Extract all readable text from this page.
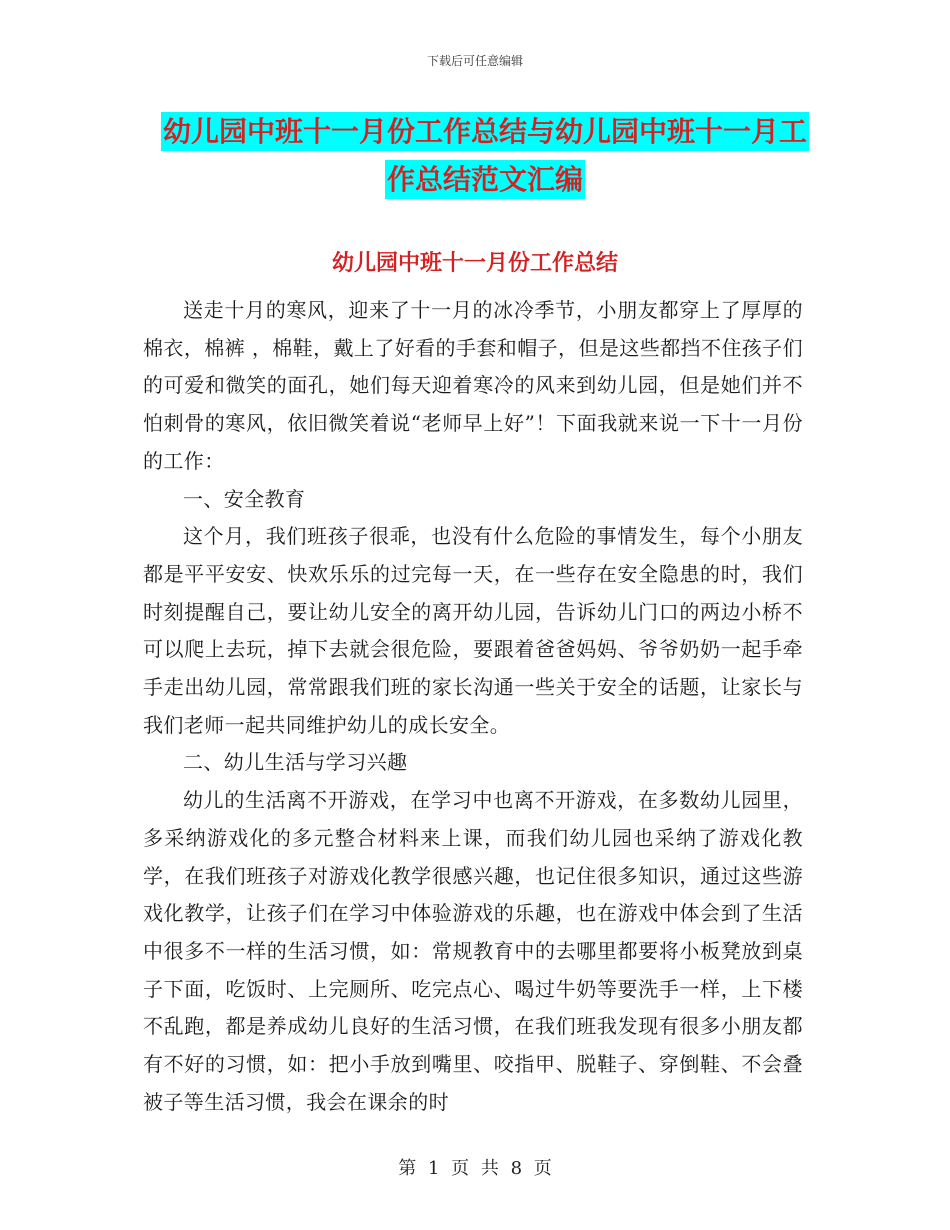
下载后可任意编辑
幼儿园中班十一月份工作总结与幼儿园中班十一月工
作总结范文汇编
幼儿园中班十一月份工作总结

送走十月的寒风，迎来了十一月的冰冷季节，小朋友都穿上了厚厚的棉衣，棉裤 ，棉鞋，戴上了好看的手套和帽子，但是这些都挡不住孩子们的可爱和微笑的面孔，她们每天迎着寒冷的风来到幼儿园，但是她们并不怕刺骨的寒风，依旧微笑着说“老师早上好”！下面我就来说一下十一月份的工作：

一、安全教育

这个月，我们班孩子很乖，也没有什么危险的事情发生，每个小朋友都是平平安安、快欢乐乐的过完每一天，在一些存在安全隐患的时，我们时刻提醒自己，要让幼儿安全的离开幼儿园，告诉幼儿门口的两边小桥不可以爬上去玩，掉下去就会很危险，要跟着爸爸妈妈、爷爷奶奶一起手牵手走出幼儿园，常常跟我们班的家长沟通一些关于安全的话题，让家长与我们老师一起共同维护幼儿的成长安全。

二、幼儿生活与学习兴趣

幼儿的生活离不开游戏，在学习中也离不开游戏，在多数幼儿园里，多采纳游戏化的多元整合材料来上课，而我们幼儿园也采纳了游戏化教学，在我们班孩子对游戏化教学很感兴趣，也记住很多知识，通过这些游戏化教学，让孩子们在学习中体验游戏的乐趣，也在游戏中体会到了生活中很多不一样的生活习惯，如：常规教育中的去哪里都要将小板凳放到桌子下面，吃饭时、上完厕所、吃完点心、喝过牛奶等要洗手一样，上下楼不乱跑，都是养成幼儿良好的生活习惯，在我们班我发现有很多小朋友都有不好的习惯，如：把小手放到嘴里、咬指甲、脱鞋子、穿倒鞋、不会叠被子等生活习惯，我会在课余的时

第 1 页 共 8 页
